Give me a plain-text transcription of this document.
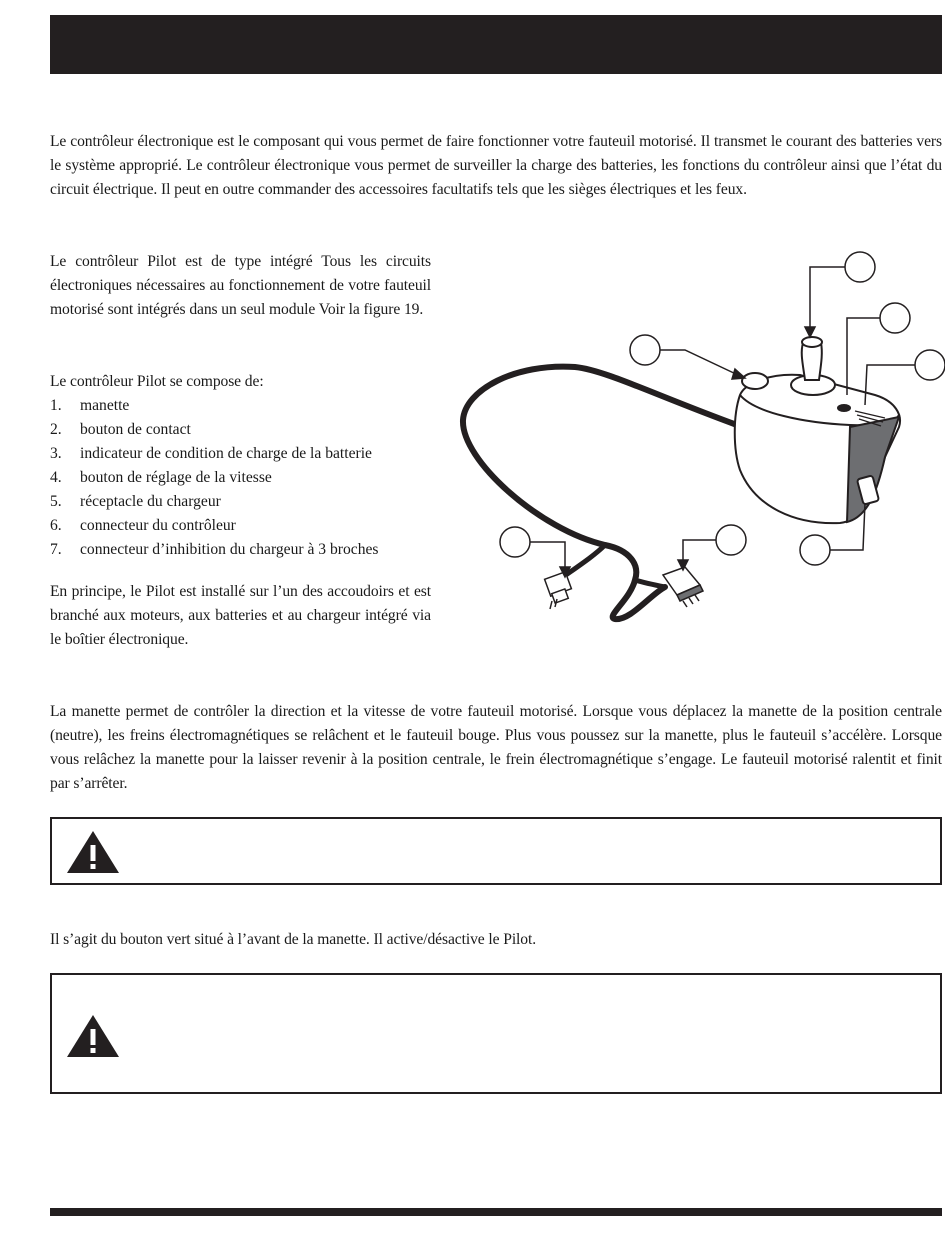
Le contrôleur électronique est le composant qui vous permet de faire fonctionner votre fauteuil motorisé. Il transmet le courant des batteries vers le système approprié. Le contrôleur électronique vous permet de surveiller la charge des batteries, les fonctions du contrôleur ainsi que l’état du circuit électrique. Il peut en outre commander des accessoires facultatifs tels que les sièges électriques et les feux.

Le contrôleur Pilot est de type intégré Tous les circuits électroniques nécessaires au fonctionnement de votre fauteuil motorisé sont intégrés dans un seul module Voir la figure 19.

Le contrôleur Pilot se compose de:

1.	manette
2.	bouton de contact
3.	indicateur de condition de charge de la batterie
4.	bouton de réglage de la vitesse
5.	réceptacle du chargeur
6.	connecteur du contrôleur
7.	connecteur d’inhibition du chargeur à 3 broches

En principe, le Pilot est installé sur l’un des accoudoirs et est branché aux moteurs, aux batteries et au chargeur intégré via le boîtier électronique.

La manette permet de contrôler la direction et la vitesse de votre fauteuil motorisé. Lorsque vous déplacez la manette de la position centrale (neutre), les freins électromagnétiques se relâchent et le fauteuil bouge. Plus vous poussez sur la manette, plus le fauteuil s’accélère. Lorsque vous relâchez la manette pour la laisser revenir à la position centrale, le frein électromagnétique s’engage. Le fauteuil motorisé ralentit et finit par s’arrêter.

Il s’agit du bouton vert situé à l’avant de la manette. Il active/désactive le Pilot.
